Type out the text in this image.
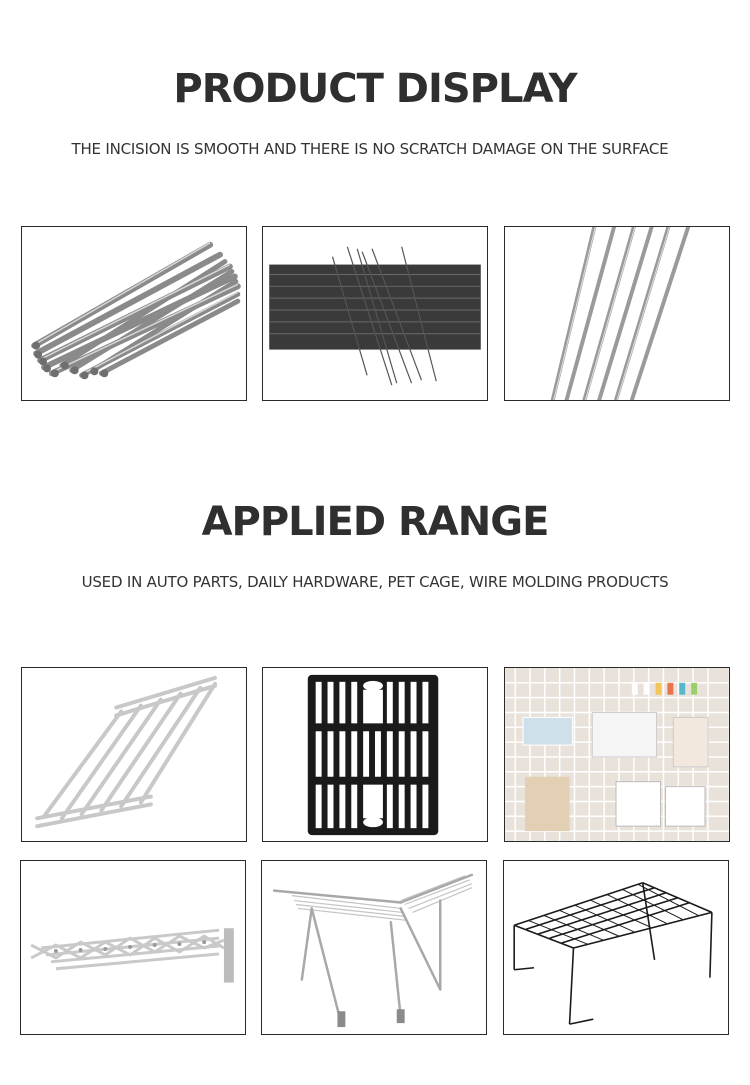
PRODUCT DISPLAY

THE INCISION IS SMOOTH AND THERE IS NO SCRATCH DAMAGE ON THE SURFACE

APPLIED RANGE

USED IN AUTO PARTS, DAILY HARDWARE, PET CAGE, WIRE MOLDING PRODUCTS
